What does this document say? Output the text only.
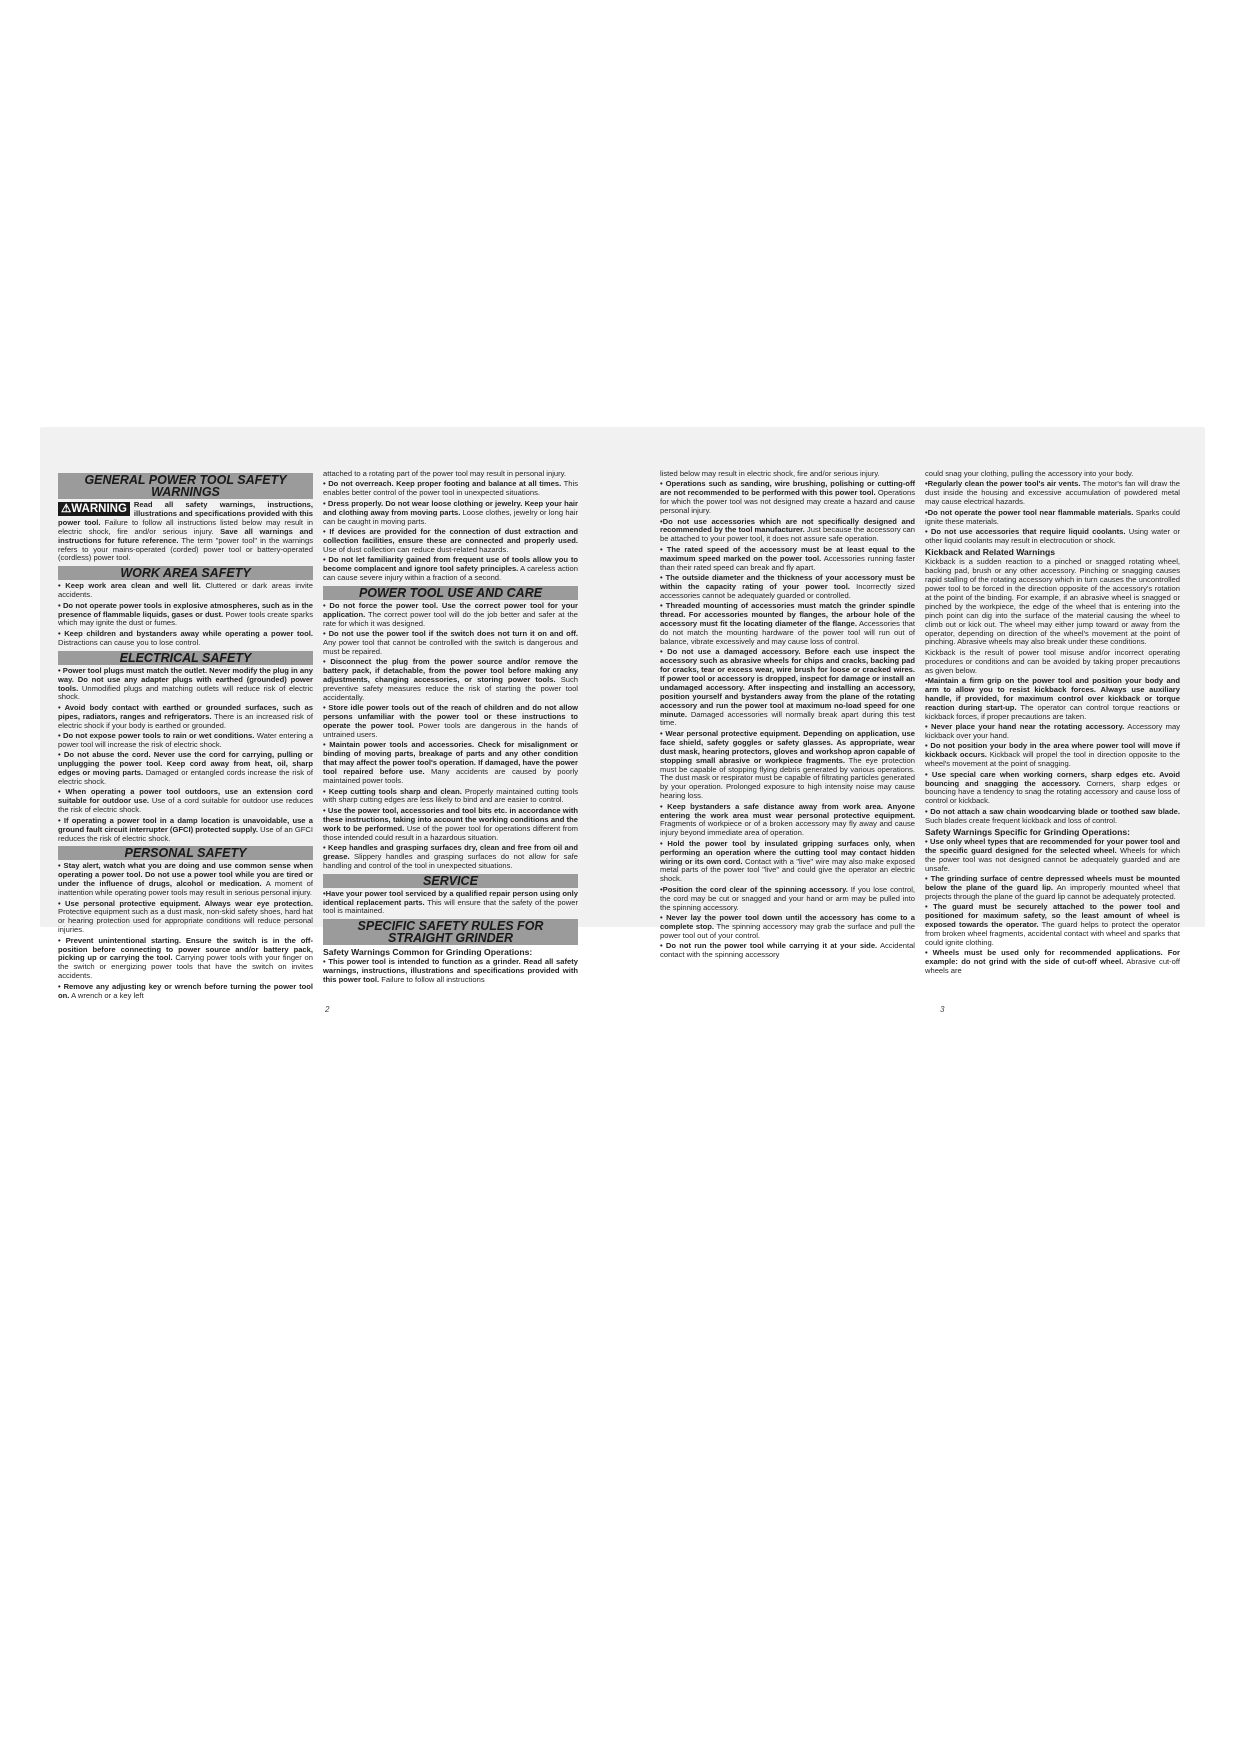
GENERAL POWER TOOL SAFETY WARNINGS

⚠WARNING Read all safety warnings, instructions, illustrations and specifications provided with this power tool. Failure to follow all instructions listed below may result in electric shock, fire and/or serious injury. Save all warnings and instructions for future reference. The term "power tool" in the warnings refers to your mains-operated (corded) power tool or battery-operated (cordless) power tool.

WORK AREA SAFETY

• Keep work area clean and well lit. Cluttered or dark areas invite accidents.

• Do not operate power tools in explosive atmospheres, such as in the presence of flammable liquids, gases or dust. Power tools create sparks which may ignite the dust or fumes.

• Keep children and bystanders away while operating a power tool. Distractions can cause you to lose control.

ELECTRICAL SAFETY

• Power tool plugs must match the outlet. Never modify the plug in any way. Do not use any adapter plugs with earthed (grounded) power tools. Unmodified plugs and matching outlets will reduce risk of electric shock.

• Avoid body contact with earthed or grounded surfaces, such as pipes, radiators, ranges and refrigerators. There is an increased risk of electric shock if your body is earthed or grounded.

• Do not expose power tools to rain or wet conditions. Water entering a power tool will increase the risk of electric shock.

• Do not abuse the cord. Never use the cord for carrying, pulling or unplugging the power tool. Keep cord away from heat, oil, sharp edges or moving parts. Damaged or entangled cords increase the risk of electric shock.

• When operating a power tool outdoors, use an extension cord suitable for outdoor use. Use of a cord suitable for outdoor use reduces the risk of electric shock.

• If operating a power tool in a damp location is unavoidable, use a ground fault circuit interrupter (GFCI) protected supply. Use of an GFCI reduces the risk of electric shock.

PERSONAL SAFETY

• Stay alert, watch what you are doing and use common sense when operating a power tool. Do not use a power tool while you are tired or under the influence of drugs, alcohol or medication. A moment of inattention while operating power tools may result in serious personal injury.

• Use personal protective equipment. Always wear eye protection. Protective equipment such as a dust mask, non-skid safety shoes, hard hat or hearing protection used for appropriate conditions will reduce personal injuries.

• Prevent unintentional starting. Ensure the switch is in the off-position before connecting to power source and/or battery pack, picking up or carrying the tool. Carrying power tools with your finger on the switch or energizing power tools that have the switch on invites accidents.

• Remove any adjusting key or wrench before turning the power tool on. A wrench or a key left

attached to a rotating part of the power tool may result in personal injury.

• Do not overreach. Keep proper footing and balance at all times. This enables better control of the power tool in unexpected situations.

• Dress properly. Do not wear loose clothing or jewelry. Keep your hair and clothing away from moving parts. Loose clothes, jewelry or long hair can be caught in moving parts.

• If devices are provided for the connection of dust extraction and collection facilities, ensure these are connected and properly used. Use of dust collection can reduce dust-related hazards.

• Do not let familiarity gained from frequent use of tools allow you to become complacent and ignore tool safety principles. A careless action can cause severe injury within a fraction of a second.

POWER TOOL USE AND CARE

• Do not force the power tool. Use the correct power tool for your application. The correct power tool will do the job better and safer at the rate for which it was designed.

• Do not use the power tool if the switch does not turn it on and off. Any power tool that cannot be controlled with the switch is dangerous and must be repaired.

• Disconnect the plug from the power source and/or remove the battery pack, if detachable, from the power tool before making any adjustments, changing accessories, or storing power tools. Such preventive safety measures reduce the risk of starting the power tool accidentally.

• Store idle power tools out of the reach of children and do not allow persons unfamiliar with the power tool or these instructions to operate the power tool. Power tools are dangerous in the hands of untrained users.

• Maintain power tools and accessories. Check for misalignment or binding of moving parts, breakage of parts and any other condition that may affect the power tool's operation. If damaged, have the power tool repaired before use. Many accidents are caused by poorly maintained power tools.

• Keep cutting tools sharp and clean. Properly maintained cutting tools with sharp cutting edges are less likely to bind and are easier to control.

• Use the power tool, accessories and tool bits etc. in accordance with these instructions, taking into account the working conditions and the work to be performed. Use of the power tool for operations different from those intended could result in a hazardous situation.

• Keep handles and grasping surfaces dry, clean and free from oil and grease. Slippery handles and grasping surfaces do not allow for safe handling and control of the tool in unexpected situations.

SERVICE

•Have your power tool serviced by a qualified repair person using only identical replacement parts. This will ensure that the safety of the power tool is maintained.

SPECIFIC SAFETY RULES FOR STRAIGHT GRINDER
Safety Warnings Common for Grinding Operations:

• This power tool is intended to function as a grinder. Read all safety warnings, instructions, illustrations and specifications provided with this power tool. Failure to follow all instructions

2

listed below may result in electric shock, fire and/or serious injury.

• Operations such as sanding, wire brushing, polishing or cutting-off are not recommended to be performed with this power tool. Operations for which the power tool was not designed may create a hazard and cause personal injury.

•Do not use accessories which are not specifically designed and recommended by the tool manufacturer. Just because the accessory can be attached to your power tool, it does not assure safe operation.

• The rated speed of the accessory must be at least equal to the maximum speed marked on the power tool. Accessories running faster than their rated speed can break and fly apart.

• The outside diameter and the thickness of your accessory must be within the capacity rating of your power tool. Incorrectly sized accessories cannot be adequately guarded or controlled.

• Threaded mounting of accessories must match the grinder spindle thread. For accessories mounted by flanges, the arbour hole of the accessory must fit the locating diameter of the flange. Accessories that do not match the mounting hardware of the power tool will run out of balance, vibrate excessively and may cause loss of control.

• Do not use a damaged accessory. Before each use inspect the accessory such as abrasive wheels for chips and cracks, backing pad for cracks, tear or excess wear, wire brush for loose or cracked wires. If power tool or accessory is dropped, inspect for damage or install an undamaged accessory. After inspecting and installing an accessory, position yourself and bystanders away from the plane of the rotating accessory and run the power tool at maximum no-load speed for one minute. Damaged accessories will normally break apart during this test time.

• Wear personal protective equipment. Depending on application, use face shield, safety goggles or safety glasses. As appropriate, wear dust mask, hearing protectors, gloves and workshop apron capable of stopping small abrasive or workpiece fragments. The eye protection must be capable of stopping flying debris generated by various operations. The dust mask or respirator must be capable of filtrating particles generated by your operation. Prolonged exposure to high intensity noise may cause hearing loss.

• Keep bystanders a safe distance away from work area. Anyone entering the work area must wear personal protective equipment. Fragments of workpiece or of a broken accessory may fly away and cause injury beyond immediate area of operation.

• Hold the power tool by insulated gripping surfaces only, when performing an operation where the cutting tool may contact hidden wiring or its own cord. Contact with a "live" wire may also make exposed metal parts of the power tool "live" and could give the operator an electric shock.

•Position the cord clear of the spinning accessory. If you lose control, the cord may be cut or snagged and your hand or arm may be pulled into the spinning accessory.

• Never lay the power tool down until the accessory has come to a complete stop. The spinning accessory may grab the surface and pull the power tool out of your control.

• Do not run the power tool while carrying it at your side. Accidental contact with the spinning accessory

could snag your clothing, pulling the accessory into your body.

•Regularly clean the power tool's air vents. The motor's fan will draw the dust inside the housing and excessive accumulation of powdered metal may cause electrical hazards.

•Do not operate the power tool near flammable materials. Sparks could ignite these materials.

• Do not use accessories that require liquid coolants. Using water or other liquid coolants may result in electrocution or shock.

Kickback and Related Warnings

Kickback is a sudden reaction to a pinched or snagged rotating wheel, backing pad, brush or any other accessory. Pinching or snagging causes rapid stalling of the rotating accessory which in turn causes the uncontrolled power tool to be forced in the direction opposite of the accessory's rotation at the point of the binding. For example, if an abrasive wheel is snagged or pinched by the workpiece, the edge of the wheel that is entering into the pinch point can dig into the surface of the material causing the wheel to climb out or kick out. The wheel may either jump toward or away from the operator, depending on direction of the wheel's movement at the point of pinching. Abrasive wheels may also break under these conditions.

Kickback is the result of power tool misuse and/or incorrect operating procedures or conditions and can be avoided by taking proper precautions as given below.

•Maintain a firm grip on the power tool and position your body and arm to allow you to resist kickback forces. Always use auxiliary handle, if provided, for maximum control over kickback or torque reaction during start-up. The operator can control torque reactions or kickback forces, if proper precautions are taken.

• Never place your hand near the rotating accessory. Accessory may kickback over your hand.

• Do not position your body in the area where power tool will move if kickback occurs. Kickback will propel the tool in direction opposite to the wheel's movement at the point of snagging.

• Use special care when working corners, sharp edges etc. Avoid bouncing and snagging the accessory. Corners, sharp edges or bouncing have a tendency to snag the rotating accessory and cause loss of control or kickback.

• Do not attach a saw chain woodcarving blade or toothed saw blade. Such blades create frequent kickback and loss of control.

Safety Warnings Specific for Grinding Operations:

• Use only wheel types that are recommended for your power tool and the specific guard designed for the selected wheel. Wheels for which the power tool was not designed cannot be adequately guarded and are unsafe.

• The grinding surface of centre depressed wheels must be mounted below the plane of the guard lip. An improperly mounted wheel that projects through the plane of the guard lip cannot be adequately protected.

• The guard must be securely attached to the power tool and positioned for maximum safety, so the least amount of wheel is exposed towards the operator. The guard helps to protect the operator from broken wheel fragments, accidental contact with wheel and sparks that could ignite clothing.

• Wheels must be used only for recommended applications. For example: do not grind with the side of cut-off wheel. Abrasive cut-off wheels are

3
